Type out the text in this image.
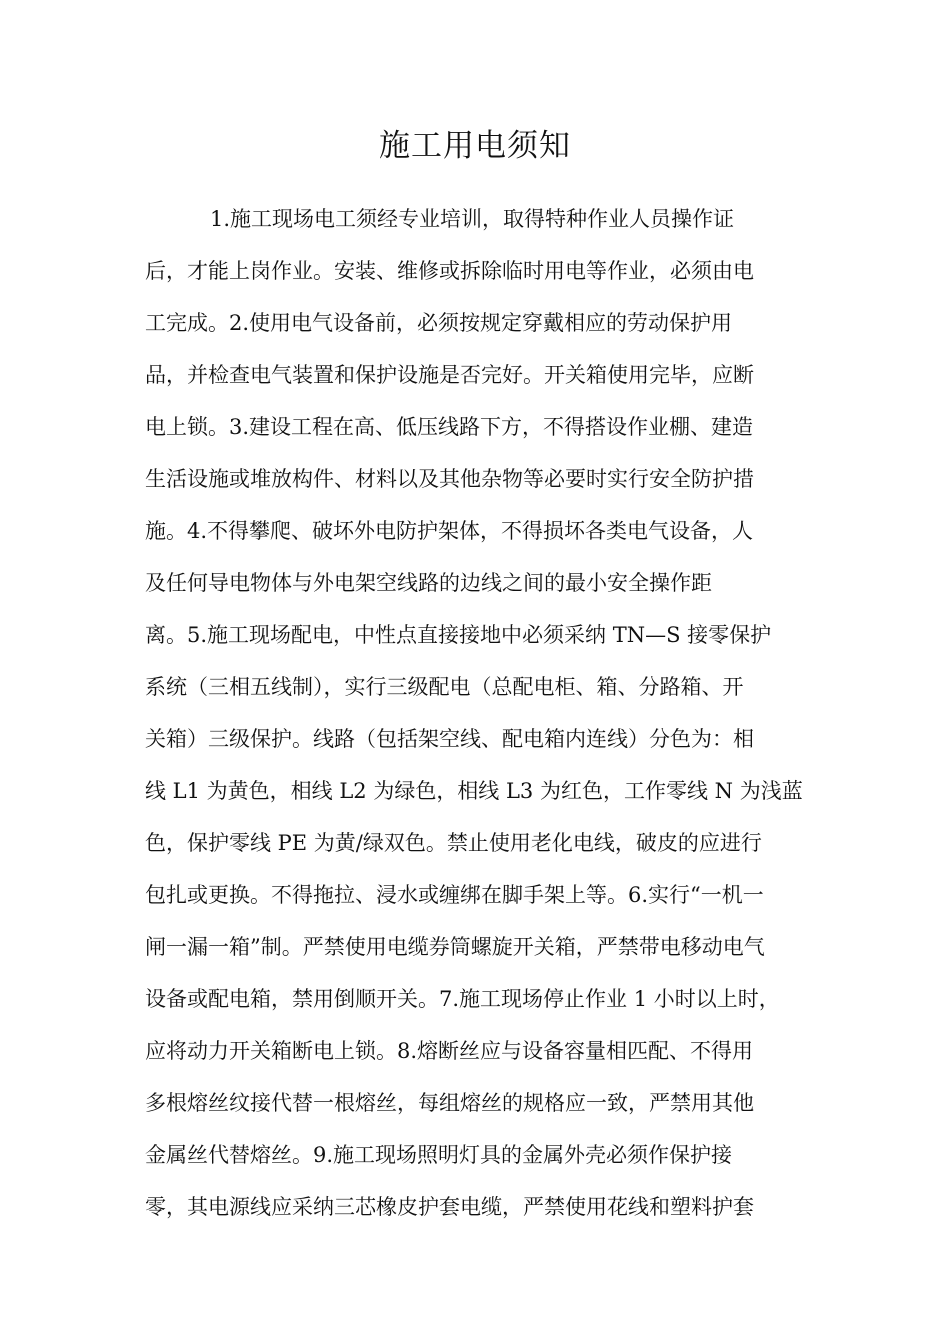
施工用电须知
1.施工现场电工须经专业培训，取得特种作业人员操作证
后，才能上岗作业。安装、维修或拆除临时用电等作业，必须由电
工完成。2.使用电气设备前，必须按规定穿戴相应的劳动保护用
品，并检查电气装置和保护设施是否完好。开关箱使用完毕，应断
电上锁。3.建设工程在高、低压线路下方，不得搭设作业棚、建造
生活设施或堆放构件、材料以及其他杂物等必要时实行安全防护措
施。4.不得攀爬、破坏外电防护架体，不得损坏各类电气设备，人
及任何导电物体与外电架空线路的边线之间的最小安全操作距
离。5.施工现场配电，中性点直接接地中必须采纳 TN—S 接零保护
系统（三相五线制），实行三级配电（总配电柜、箱、分路箱、开
关箱）三级保护。线路（包括架空线、配电箱内连线）分色为：相
线 L1 为黄色，相线 L2 为绿色，相线 L3 为红色，工作零线 N 为浅蓝
色，保护零线 PE 为黄/绿双色。禁止使用老化电线，破皮的应进行
包扎或更换。不得拖拉、浸水或缠绑在脚手架上等。6.实行“一机一
闸一漏一箱”制。严禁使用电缆券筒螺旋开关箱，严禁带电移动电气
设备或配电箱，禁用倒顺开关。7.施工现场停止作业 1 小时以上时，
应将动力开关箱断电上锁。8.熔断丝应与设备容量相匹配、不得用
多根熔丝纹接代替一根熔丝，每组熔丝的规格应一致，严禁用其他
金属丝代替熔丝。9.施工现场照明灯具的金属外壳必须作保护接
零，其电源线应采纳三芯橡皮护套电缆，严禁使用花线和塑料护套
